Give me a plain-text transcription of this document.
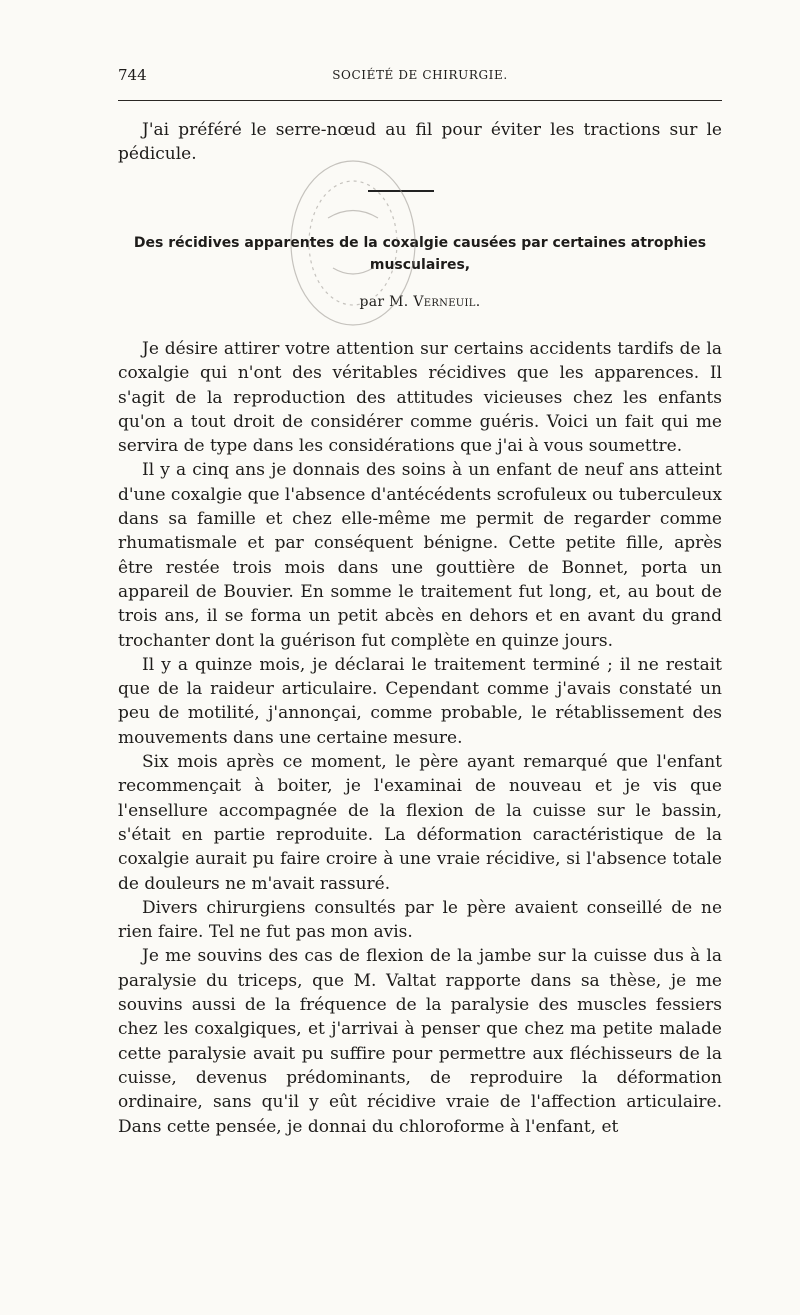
744	SOCIÉTÉ DE CHIRURGIE.

J'ai préféré le serre-nœud au fil pour éviter les tractions sur le pédicule.

Des récidives apparentes de la coxalgie causées par certaines atrophies musculaires,
par M. Verneuil.

Je désire attirer votre attention sur certains accidents tardifs de la coxalgie qui n'ont des véritables récidives que les apparences. Il s'agit de la reproduction des attitudes vicieuses chez les enfants qu'on a tout droit de considérer comme guéris. Voici un fait qui me servira de type dans les considérations que j'ai à vous soumettre.

Il y a cinq ans je donnais des soins à un enfant de neuf ans atteint d'une coxalgie que l'absence d'antécédents scrofuleux ou tuberculeux dans sa famille et chez elle-même me permit de regarder comme rhumatismale et par conséquent bénigne. Cette petite fille, après être restée trois mois dans une gouttière de Bonnet, porta un appareil de Bouvier. En somme le traitement fut long, et, au bout de trois ans, il se forma un petit abcès en dehors et en avant du grand trochanter dont la guérison fut complète en quinze jours.

Il y a quinze mois, je déclarai le traitement terminé ; il ne restait que de la raideur articulaire. Cependant comme j'avais constaté un peu de motilité, j'annonçai, comme probable, le rétablissement des mouvements dans une certaine mesure.

Six mois après ce moment, le père ayant remarqué que l'enfant recommençait à boiter, je l'examinai de nouveau et je vis que l'ensellure accompagnée de la flexion de la cuisse sur le bassin, s'était en partie reproduite. La déformation caractéristique de la coxalgie aurait pu faire croire à une vraie récidive, si l'absence totale de douleurs ne m'avait rassuré.

Divers chirurgiens consultés par le père avaient conseillé de ne rien faire. Tel ne fut pas mon avis.

Je me souvins des cas de flexion de la jambe sur la cuisse dus à la paralysie du triceps, que M. Valtat rapporte dans sa thèse, je me souvins aussi de la fréquence de la paralysie des muscles fessiers chez les coxalgiques, et j'arrivai à penser que chez ma petite malade cette paralysie avait pu suffire pour permettre aux fléchisseurs de la cuisse, devenus prédominants, de reproduire la déformation ordinaire, sans qu'il y eût récidive vraie de l'affection articulaire. Dans cette pensée, je donnai du chloroforme à l'enfant, et
